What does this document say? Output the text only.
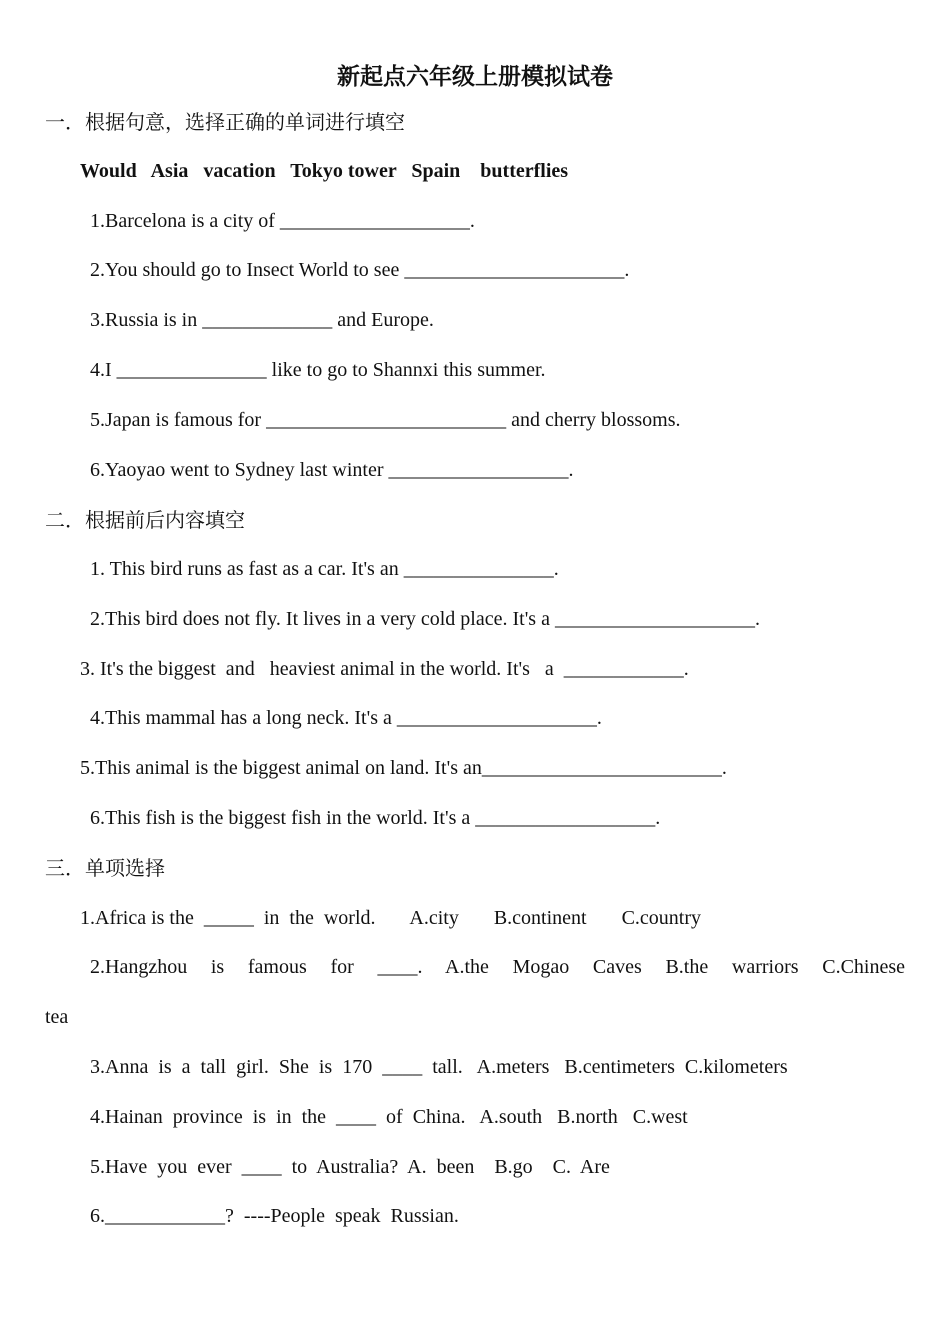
新起点六年级上册模拟试卷
一．根据句意，选择正确的单词进行填空
Would   Asia   vacation   Tokyo tower   Spain    butterflies
1.Barcelona is a city of ___________________.
2.You should go to Insect World to see ______________________.
3.Russia is in _____________ and Europe.
4.I _______________ like to go to Shannxi this summer.
5.Japan is famous for ________________________ and cherry blossoms.
6.Yaoyao went to Sydney last winter __________________.
二．根据前后内容填空
1. This bird runs as fast as a car. It's an _______________.
2.This bird does not fly. It lives in a very cold place. It's a ____________________.
3. It's the biggest  and   heaviest animal in the world. It's   a  ____________.
4.This mammal has a long neck. It's a ____________________.
5.This animal is the biggest animal on land. It's an________________________.
6.This fish is the biggest fish in the world. It's a __________________.
三．单项选择
1.Africa is the  _____  in  the  world.       A.city       B.continent       C.country
2.Hangzhou is famous for ____. A.the Mogao Caves B.the warriors C.Chinese
tea
3.Anna  is  a  tall  girl.  She  is  170  ____  tall.   A.meters   B.centimeters  C.kilometers
4.Hainan  province  is  in  the  ____  of  China.   A.south   B.north   C.west
5.Have  you  ever  ____  to  Australia?  A.  been    B.go    C.  Are
6.____________?  ----People  speak  Russian.
